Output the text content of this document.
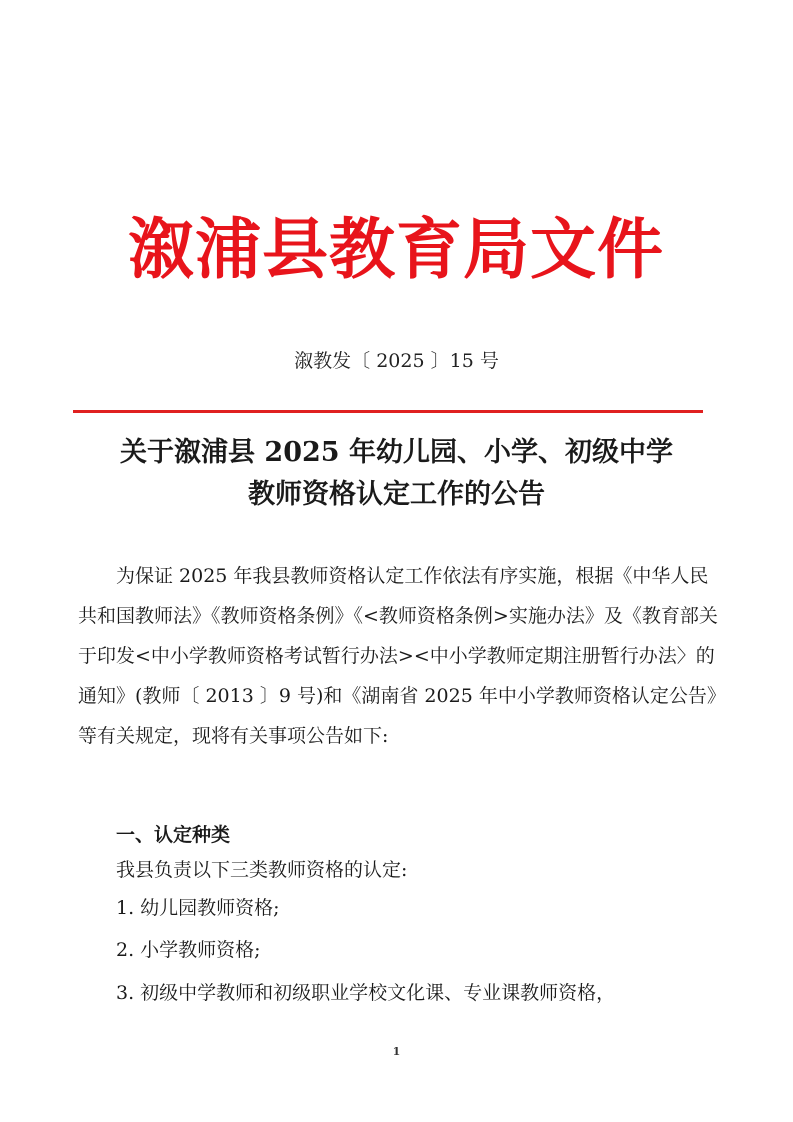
溆浦县教育局文件
溆教发〔 2025 〕15 号
关于溆浦县 2025 年幼儿园、小学、初级中学
教师资格认定工作的公告

为保证 2025 年我县教师资格认定工作依法有序实施，根据《中华人民共和国教师法》《教师资格条例》《<教师资格条例>实施办法》及《教育部关于印发<中小学教师资格考试暂行办法><中小学教师定期注册暂行办法〉的通知》(教师〔 2013 〕9 号)和《湖南省 2025 年中小学教师资格认定公告》等有关规定，现将有关事项公告如下:

一、认定种类
我县负责以下三类教师资格的认定:
1. 幼儿园教师资格;
2. 小学教师资格;
3. 初级中学教师和初级职业学校文化课、专业课教师资格，
1
